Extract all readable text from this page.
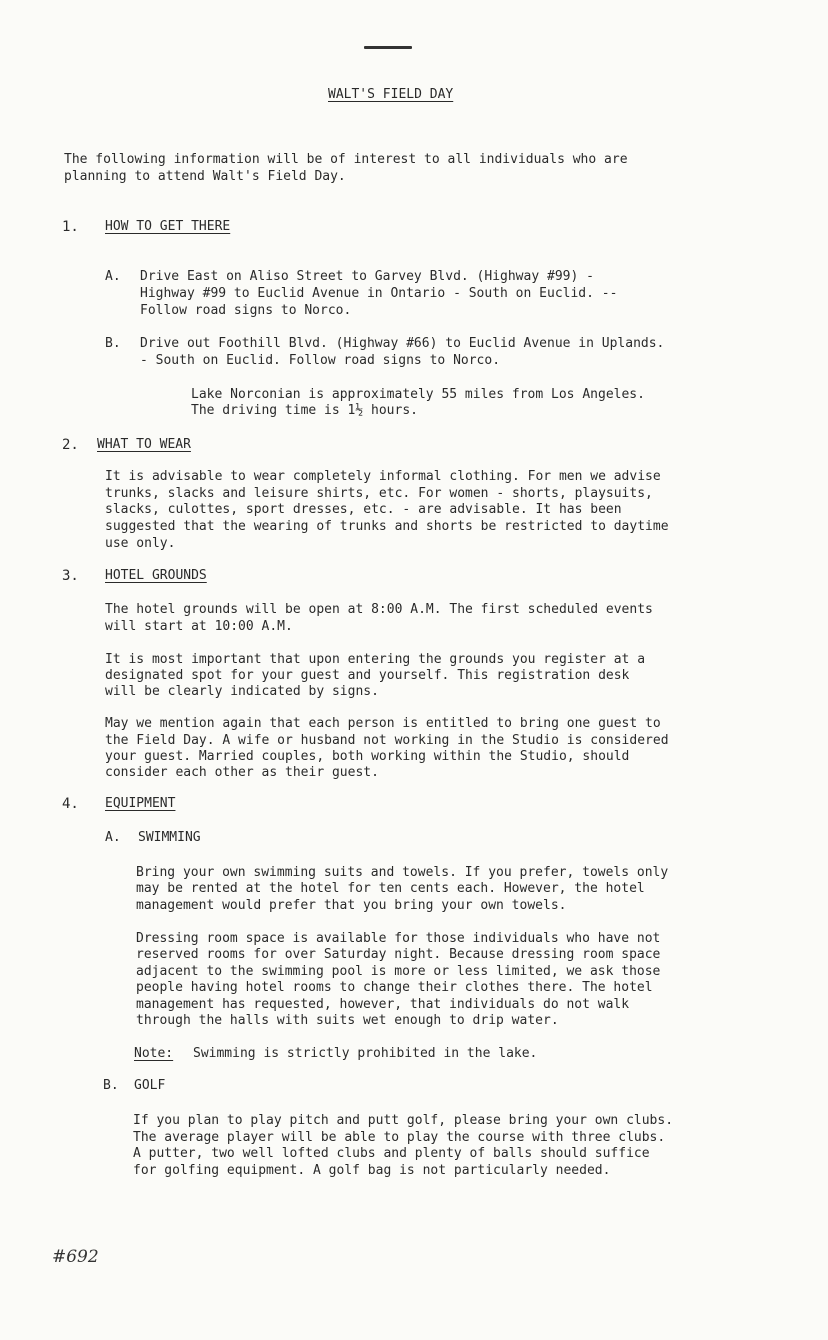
WALT'S FIELD DAY

The following information will be of interest to all individuals who are

planning to attend Walt's Field Day.

1. HOW TO GET THERE

A. Drive East on Aliso Street to Garvey Blvd. (Highway #99) -

Highway #99 to Euclid Avenue in Ontario - South on Euclid. --

Follow road signs to Norco.

B. Drive out Foothill Blvd. (Highway #66) to Euclid Avenue in Uplands.

- South on Euclid. Follow road signs to Norco.

Lake Norconian is approximately 55 miles from Los Angeles.

The driving time is 1½ hours.

2. WHAT TO WEAR

It is advisable to wear completely informal clothing. For men we advise

trunks, slacks and leisure shirts, etc. For women - shorts, playsuits,

slacks, culottes, sport dresses, etc. - are advisable. It has been

suggested that the wearing of trunks and shorts be restricted to daytime

use only.

3. HOTEL GROUNDS

The hotel grounds will be open at 8:00 A.M. The first scheduled events

will start at 10:00 A.M.

It is most important that upon entering the grounds you register at a

designated spot for your guest and yourself. This registration desk

will be clearly indicated by signs.

May we mention again that each person is entitled to bring one guest to

the Field Day. A wife or husband not working in the Studio is considered

your guest. Married couples, both working within the Studio, should

consider each other as their guest.

4. EQUIPMENT

A. SWIMMING

Bring your own swimming suits and towels. If you prefer, towels only

may be rented at the hotel for ten cents each. However, the hotel

management would prefer that you bring your own towels.

Dressing room space is available for those individuals who have not

reserved rooms for over Saturday night. Because dressing room space

adjacent to the swimming pool is more or less limited, we ask those

people having hotel rooms to change their clothes there. The hotel

management has requested, however, that individuals do not walk

through the halls with suits wet enough to drip water.

Note: Swimming is strictly prohibited in the lake.

B. GOLF

If you plan to play pitch and putt golf, please bring your own clubs.

The average player will be able to play the course with three clubs.

A putter, two well lofted clubs and plenty of balls should suffice

for golfing equipment. A golf bag is not particularly needed.

#692
